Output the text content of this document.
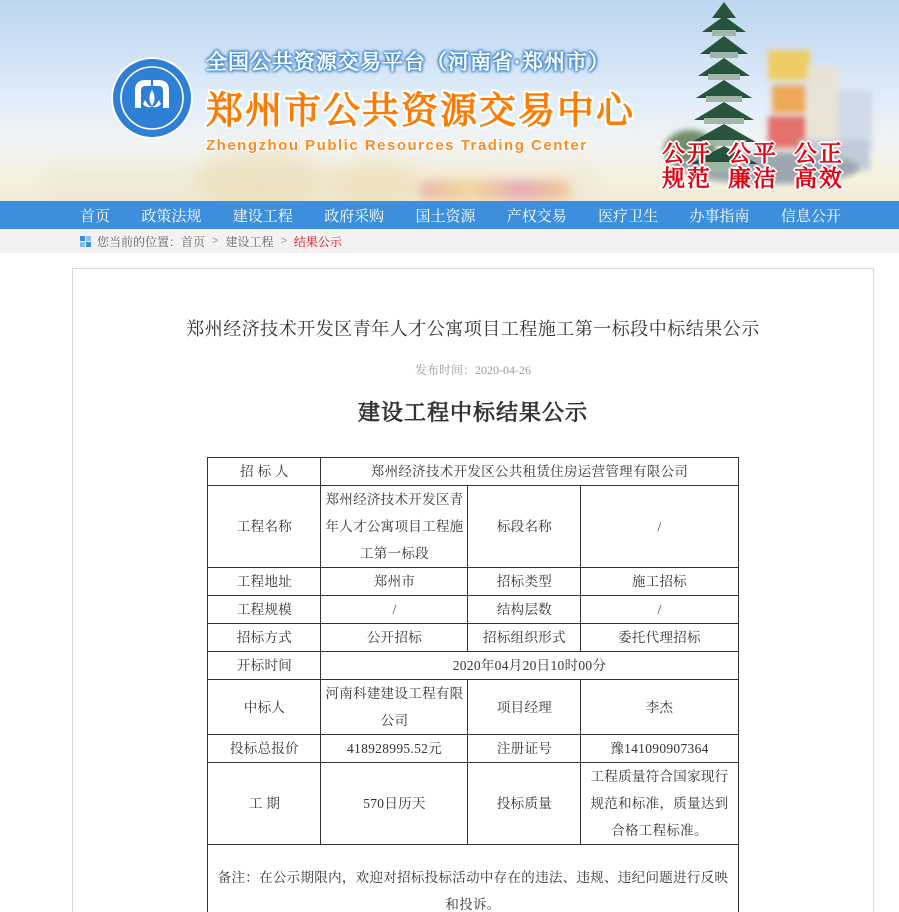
全国公共资源交易平台（河南省·郑州市）
郑州市公共资源交易中心
Zhengzhou Public Resources Trading Center	公开
规范
公平
廉洁
公正
高效
首页 政策法规 建设工程 政府采购 国土资源 产权交易 医疗卫生 办事指南 信息公开
您当前的位置： 首页 > 建设工程 > 结果公示
郑州经济技术开发区青年人才公寓项目工程施工第一标段中标结果公示
发布时间：2020-04-26
建设工程中标结果公示
招 标 人	郑州经济技术开发区公共租赁住房运营管理有限公司		
工程名称	郑州经济技术开发区青年人才公寓项目工程施工第一标段	标段名称	/
工程地址	郑州市	招标类型	施工招标
工程规模	/	结构层数	/
招标方式	公开招标	招标组织形式	委托代理招标
开标时间	2020年04月20日10时00分		
中标人	河南科建建设工程有限公司	项目经理	李杰
投标总报价	418928995.52元	注册证号	豫141090907364
工 期	570日历天	投标质量	工程质量符合国家现行规范和标准，质量达到合格工程标准。
备注：在公示期限内，欢迎对招标投标活动中存在的违法、违规、违纪问题进行反映和投诉。			
